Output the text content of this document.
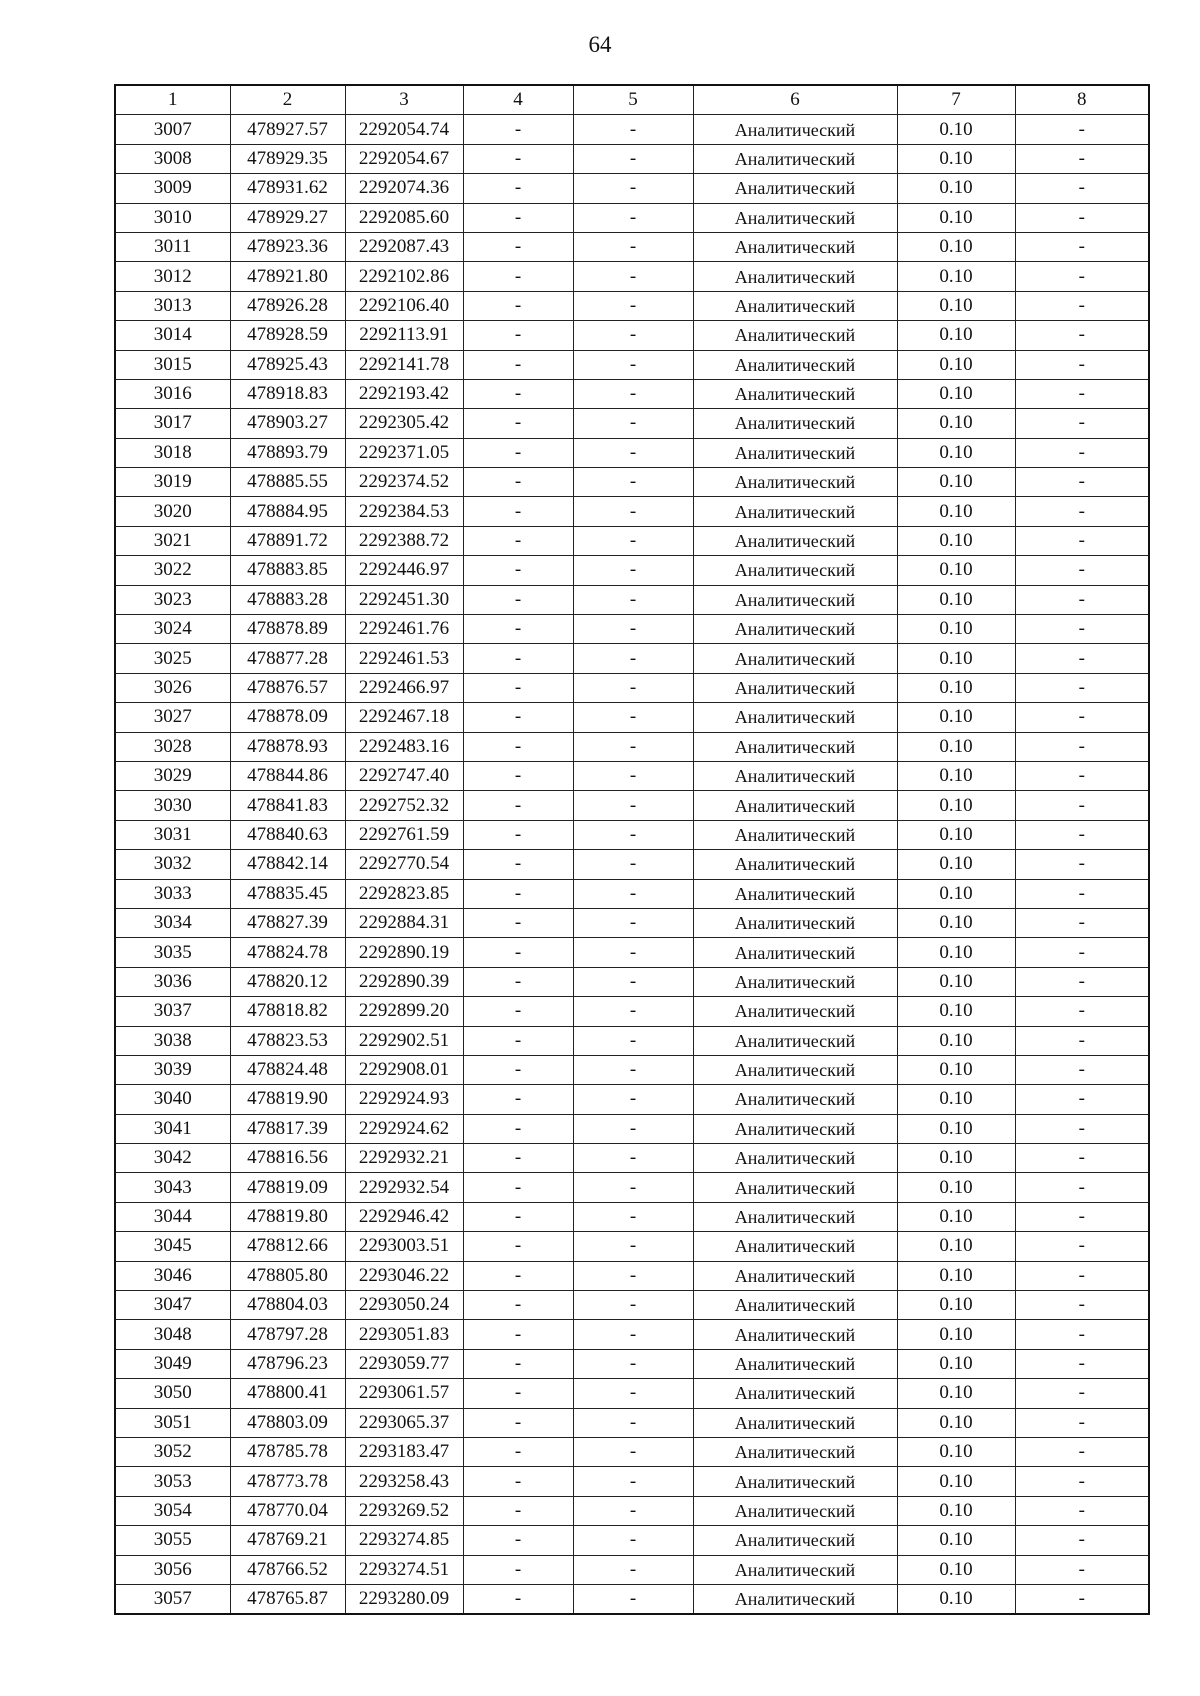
64
1	2	3	4	5	6	7	8
3007	478927.57	2292054.74	-	-	Аналитический	0.10	-
3008	478929.35	2292054.67	-	-	Аналитический	0.10	-
3009	478931.62	2292074.36	-	-	Аналитический	0.10	-
3010	478929.27	2292085.60	-	-	Аналитический	0.10	-
3011	478923.36	2292087.43	-	-	Аналитический	0.10	-
3012	478921.80	2292102.86	-	-	Аналитический	0.10	-
3013	478926.28	2292106.40	-	-	Аналитический	0.10	-
3014	478928.59	2292113.91	-	-	Аналитический	0.10	-
3015	478925.43	2292141.78	-	-	Аналитический	0.10	-
3016	478918.83	2292193.42	-	-	Аналитический	0.10	-
3017	478903.27	2292305.42	-	-	Аналитический	0.10	-
3018	478893.79	2292371.05	-	-	Аналитический	0.10	-
3019	478885.55	2292374.52	-	-	Аналитический	0.10	-
3020	478884.95	2292384.53	-	-	Аналитический	0.10	-
3021	478891.72	2292388.72	-	-	Аналитический	0.10	-
3022	478883.85	2292446.97	-	-	Аналитический	0.10	-
3023	478883.28	2292451.30	-	-	Аналитический	0.10	-
3024	478878.89	2292461.76	-	-	Аналитический	0.10	-
3025	478877.28	2292461.53	-	-	Аналитический	0.10	-
3026	478876.57	2292466.97	-	-	Аналитический	0.10	-
3027	478878.09	2292467.18	-	-	Аналитический	0.10	-
3028	478878.93	2292483.16	-	-	Аналитический	0.10	-
3029	478844.86	2292747.40	-	-	Аналитический	0.10	-
3030	478841.83	2292752.32	-	-	Аналитический	0.10	-
3031	478840.63	2292761.59	-	-	Аналитический	0.10	-
3032	478842.14	2292770.54	-	-	Аналитический	0.10	-
3033	478835.45	2292823.85	-	-	Аналитический	0.10	-
3034	478827.39	2292884.31	-	-	Аналитический	0.10	-
3035	478824.78	2292890.19	-	-	Аналитический	0.10	-
3036	478820.12	2292890.39	-	-	Аналитический	0.10	-
3037	478818.82	2292899.20	-	-	Аналитический	0.10	-
3038	478823.53	2292902.51	-	-	Аналитический	0.10	-
3039	478824.48	2292908.01	-	-	Аналитический	0.10	-
3040	478819.90	2292924.93	-	-	Аналитический	0.10	-
3041	478817.39	2292924.62	-	-	Аналитический	0.10	-
3042	478816.56	2292932.21	-	-	Аналитический	0.10	-
3043	478819.09	2292932.54	-	-	Аналитический	0.10	-
3044	478819.80	2292946.42	-	-	Аналитический	0.10	-
3045	478812.66	2293003.51	-	-	Аналитический	0.10	-
3046	478805.80	2293046.22	-	-	Аналитический	0.10	-
3047	478804.03	2293050.24	-	-	Аналитический	0.10	-
3048	478797.28	2293051.83	-	-	Аналитический	0.10	-
3049	478796.23	2293059.77	-	-	Аналитический	0.10	-
3050	478800.41	2293061.57	-	-	Аналитический	0.10	-
3051	478803.09	2293065.37	-	-	Аналитический	0.10	-
3052	478785.78	2293183.47	-	-	Аналитический	0.10	-
3053	478773.78	2293258.43	-	-	Аналитический	0.10	-
3054	478770.04	2293269.52	-	-	Аналитический	0.10	-
3055	478769.21	2293274.85	-	-	Аналитический	0.10	-
3056	478766.52	2293274.51	-	-	Аналитический	0.10	-
3057	478765.87	2293280.09	-	-	Аналитический	0.10	-
